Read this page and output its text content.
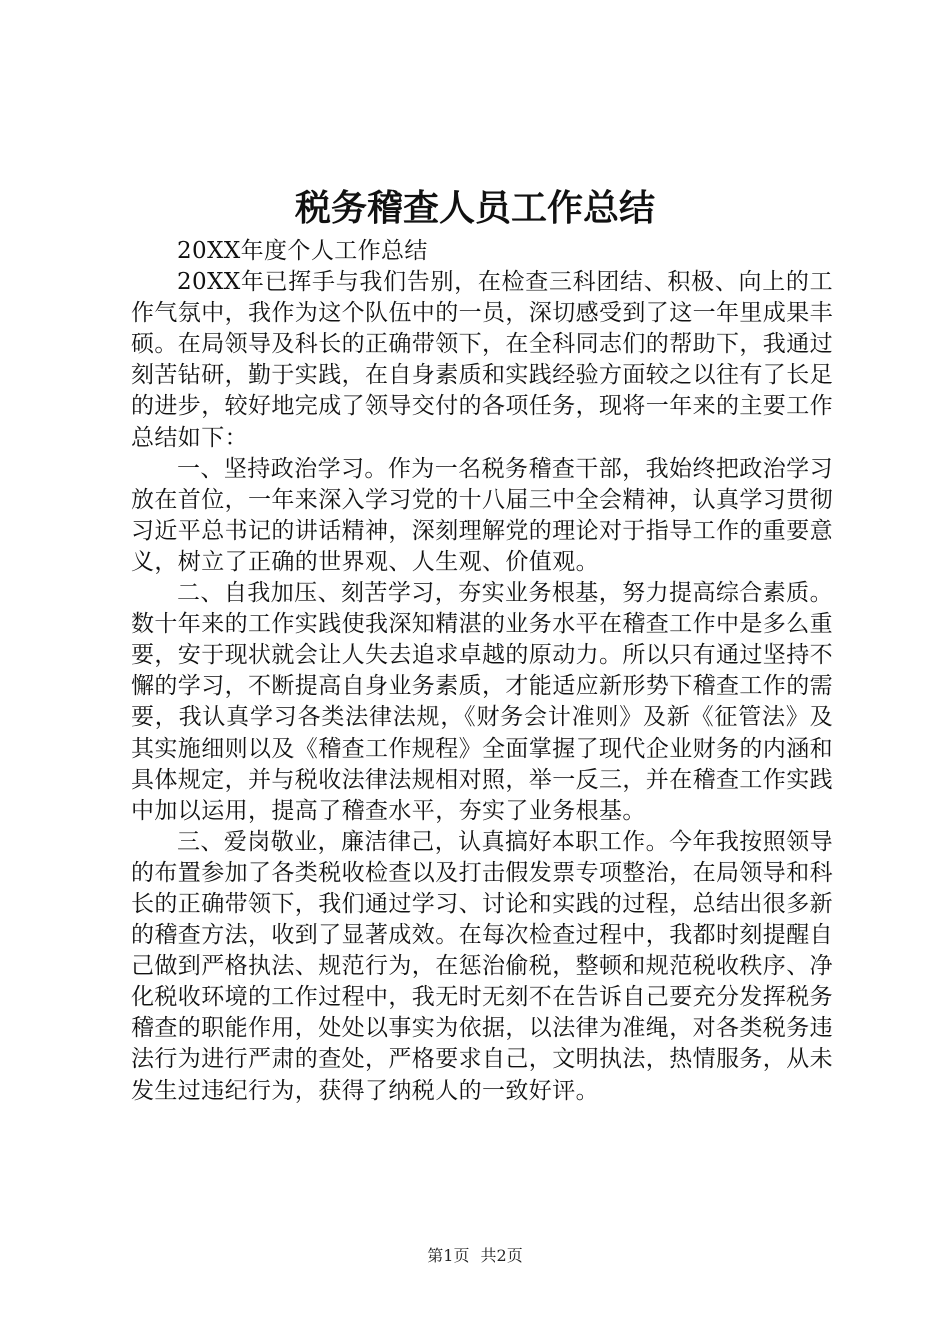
税务稽查人员工作总结

20XX年度个人工作总结

20XX年已挥手与我们告别，在检查三科团结、积极、向上的工作气氛中，我作为这个队伍中的一员，深切感受到了这一年里成果丰硕。在局领导及科长的正确带领下，在全科同志们的帮助下，我通过刻苦钻研，勤于实践，在自身素质和实践经验方面较之以往有了长足的进步，较好地完成了领导交付的各项任务，现将一年来的主要工作总结如下：

一、坚持政治学习。作为一名税务稽查干部，我始终把政治学习放在首位，一年来深入学习党的十八届三中全会精神，认真学习贯彻习近平总书记的讲话精神，深刻理解党的理论对于指导工作的重要意义，树立了正确的世界观、人生观、价值观。

二、自我加压、刻苦学习，夯实业务根基，努力提高综合素质。数十年来的工作实践使我深知精湛的业务水平在稽查工作中是多么重要，安于现状就会让人失去追求卓越的原动力。所以只有通过坚持不懈的学习，不断提高自身业务素质，才能适应新形势下稽查工作的需要，我认真学习各类法律法规，《财务会计准则》及新《征管法》及其实施细则以及《稽查工作规程》全面掌握了现代企业财务的内涵和具体规定，并与税收法律法规相对照，举一反三，并在稽查工作实践中加以运用，提高了稽查水平，夯实了业务根基。

三、爱岗敬业，廉洁律己，认真搞好本职工作。今年我按照领导的布置参加了各类税收检查以及打击假发票专项整治，在局领导和科长的正确带领下，我们通过学习、讨论和实践的过程，总结出很多新的稽查方法，收到了显著成效。在每次检查过程中，我都时刻提醒自己做到严格执法、规范行为，在惩治偷税，整顿和规范税收秩序、净化税收环境的工作过程中，我无时无刻不在告诉自己要充分发挥税务稽查的职能作用，处处以事实为依据，以法律为准绳，对各类税务违法行为进行严肃的查处，严格要求自己，文明执法，热情服务，从未发生过违纪行为，获得了纳税人的一致好评。

第1页 共2页
